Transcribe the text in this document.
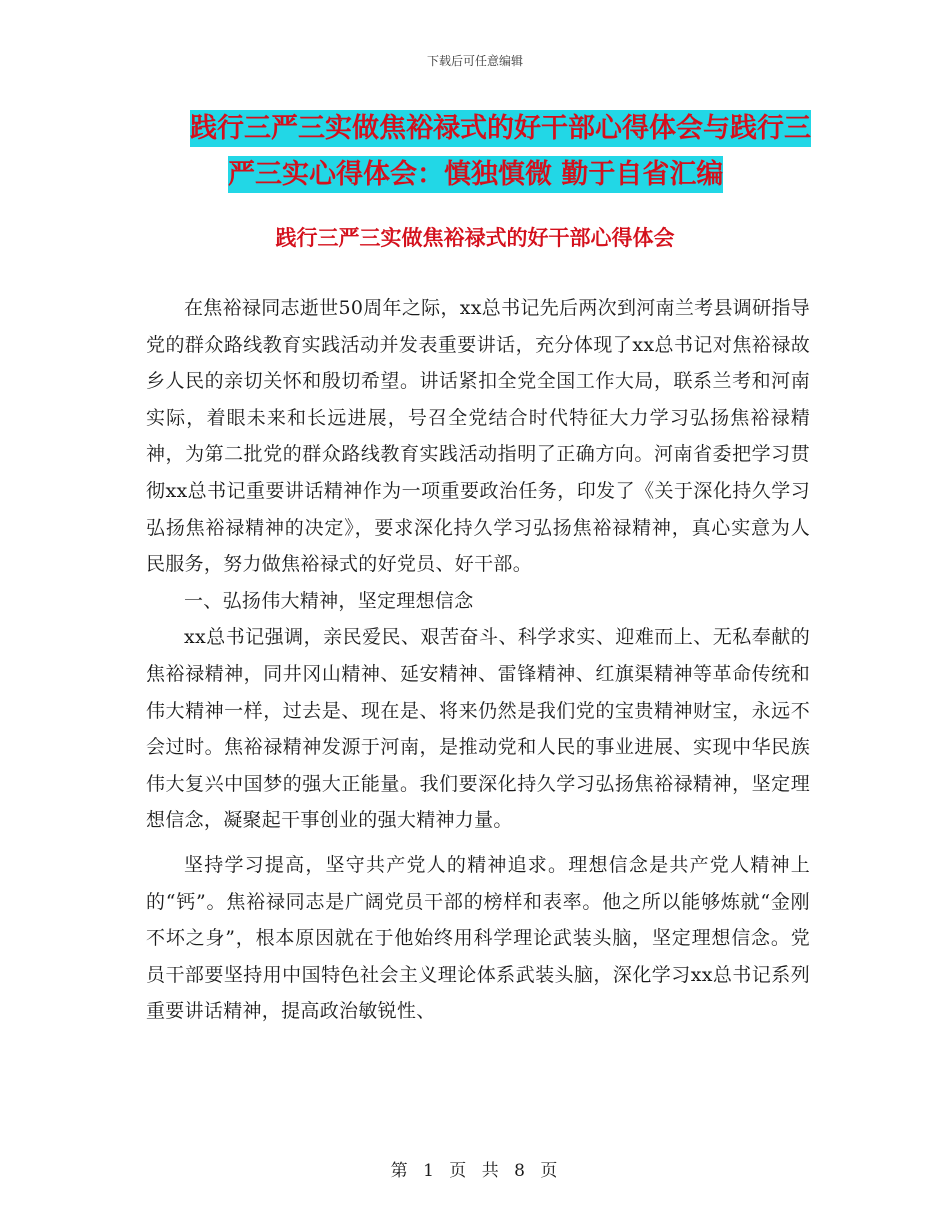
下载后可任意编辑
践行三严三实做焦裕禄式的好干部心得体会与践行三
严三实心得体会：慎独慎微 勤于自省汇编
践行三严三实做焦裕禄式的好干部心得体会

在焦裕禄同志逝世50周年之际，xx总书记先后两次到河南兰考县调研指导党的群众路线教育实践活动并发表重要讲话，充分体现了xx总书记对焦裕禄故乡人民的亲切关怀和殷切希望。讲话紧扣全党全国工作大局，联系兰考和河南实际，着眼未来和长远进展，号召全党结合时代特征大力学习弘扬焦裕禄精神，为第二批党的群众路线教育实践活动指明了正确方向。河南省委把学习贯彻xx总书记重要讲话精神作为一项重要政治任务，印发了《关于深化持久学习弘扬焦裕禄精神的决定》，要求深化持久学习弘扬焦裕禄精神，真心实意为人民服务，努力做焦裕禄式的好党员、好干部。

一、弘扬伟大精神，坚定理想信念

xx总书记强调，亲民爱民、艰苦奋斗、科学求实、迎难而上、无私奉献的焦裕禄精神，同井冈山精神、延安精神、雷锋精神、红旗渠精神等革命传统和伟大精神一样，过去是、现在是、将来仍然是我们党的宝贵精神财宝，永远不会过时。焦裕禄精神发源于河南，是推动党和人民的事业进展、实现中华民族伟大复兴中国梦的强大正能量。我们要深化持久学习弘扬焦裕禄精神，坚定理想信念，凝聚起干事创业的强大精神力量。

坚持学习提高，坚守共产党人的精神追求。理想信念是共产党人精神上的“钙”。焦裕禄同志是广阔党员干部的榜样和表率。他之所以能够炼就“金刚不坏之身”，根本原因就在于他始终用科学理论武装头脑，坚定理想信念。党员干部要坚持用中国特色社会主义理论体系武装头脑，深化学习xx总书记系列重要讲话精神，提高政治敏锐性、

第 1 页 共 8 页
